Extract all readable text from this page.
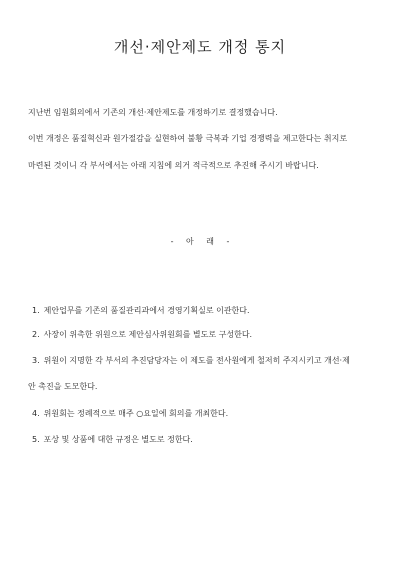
개선·제안제도 개정 통지
지난번 임원회의에서 기존의 개선·제안제도를 개정하기로 결정했습니다.
이번 개정은 품질혁신과 원가절감을 실현하여 불황 극복과 기업 경쟁력을 제고한다는 취지로
마련된 것이니 각 부서에서는 아래 지침에 의거 적극적으로 추진해 주시기 바랍니다.
- 아 래 -
1. 제안업무를 기존의 품질관리과에서 경영기획실로 이관한다.
2. 사장이 위촉한 위원으로 제안심사위원회를 별도로 구성한다.
3. 위원이 지명한 각 부서의 추진담당자는 이 제도를 전사원에게 철저히 주지시키고 개선·제
안 촉진을 도모한다.
4. 위원회는 정례적으로 매주 ○요일에 회의를 개최한다.
5. 포상 및 상품에 대한 규정은 별도로 정한다.
